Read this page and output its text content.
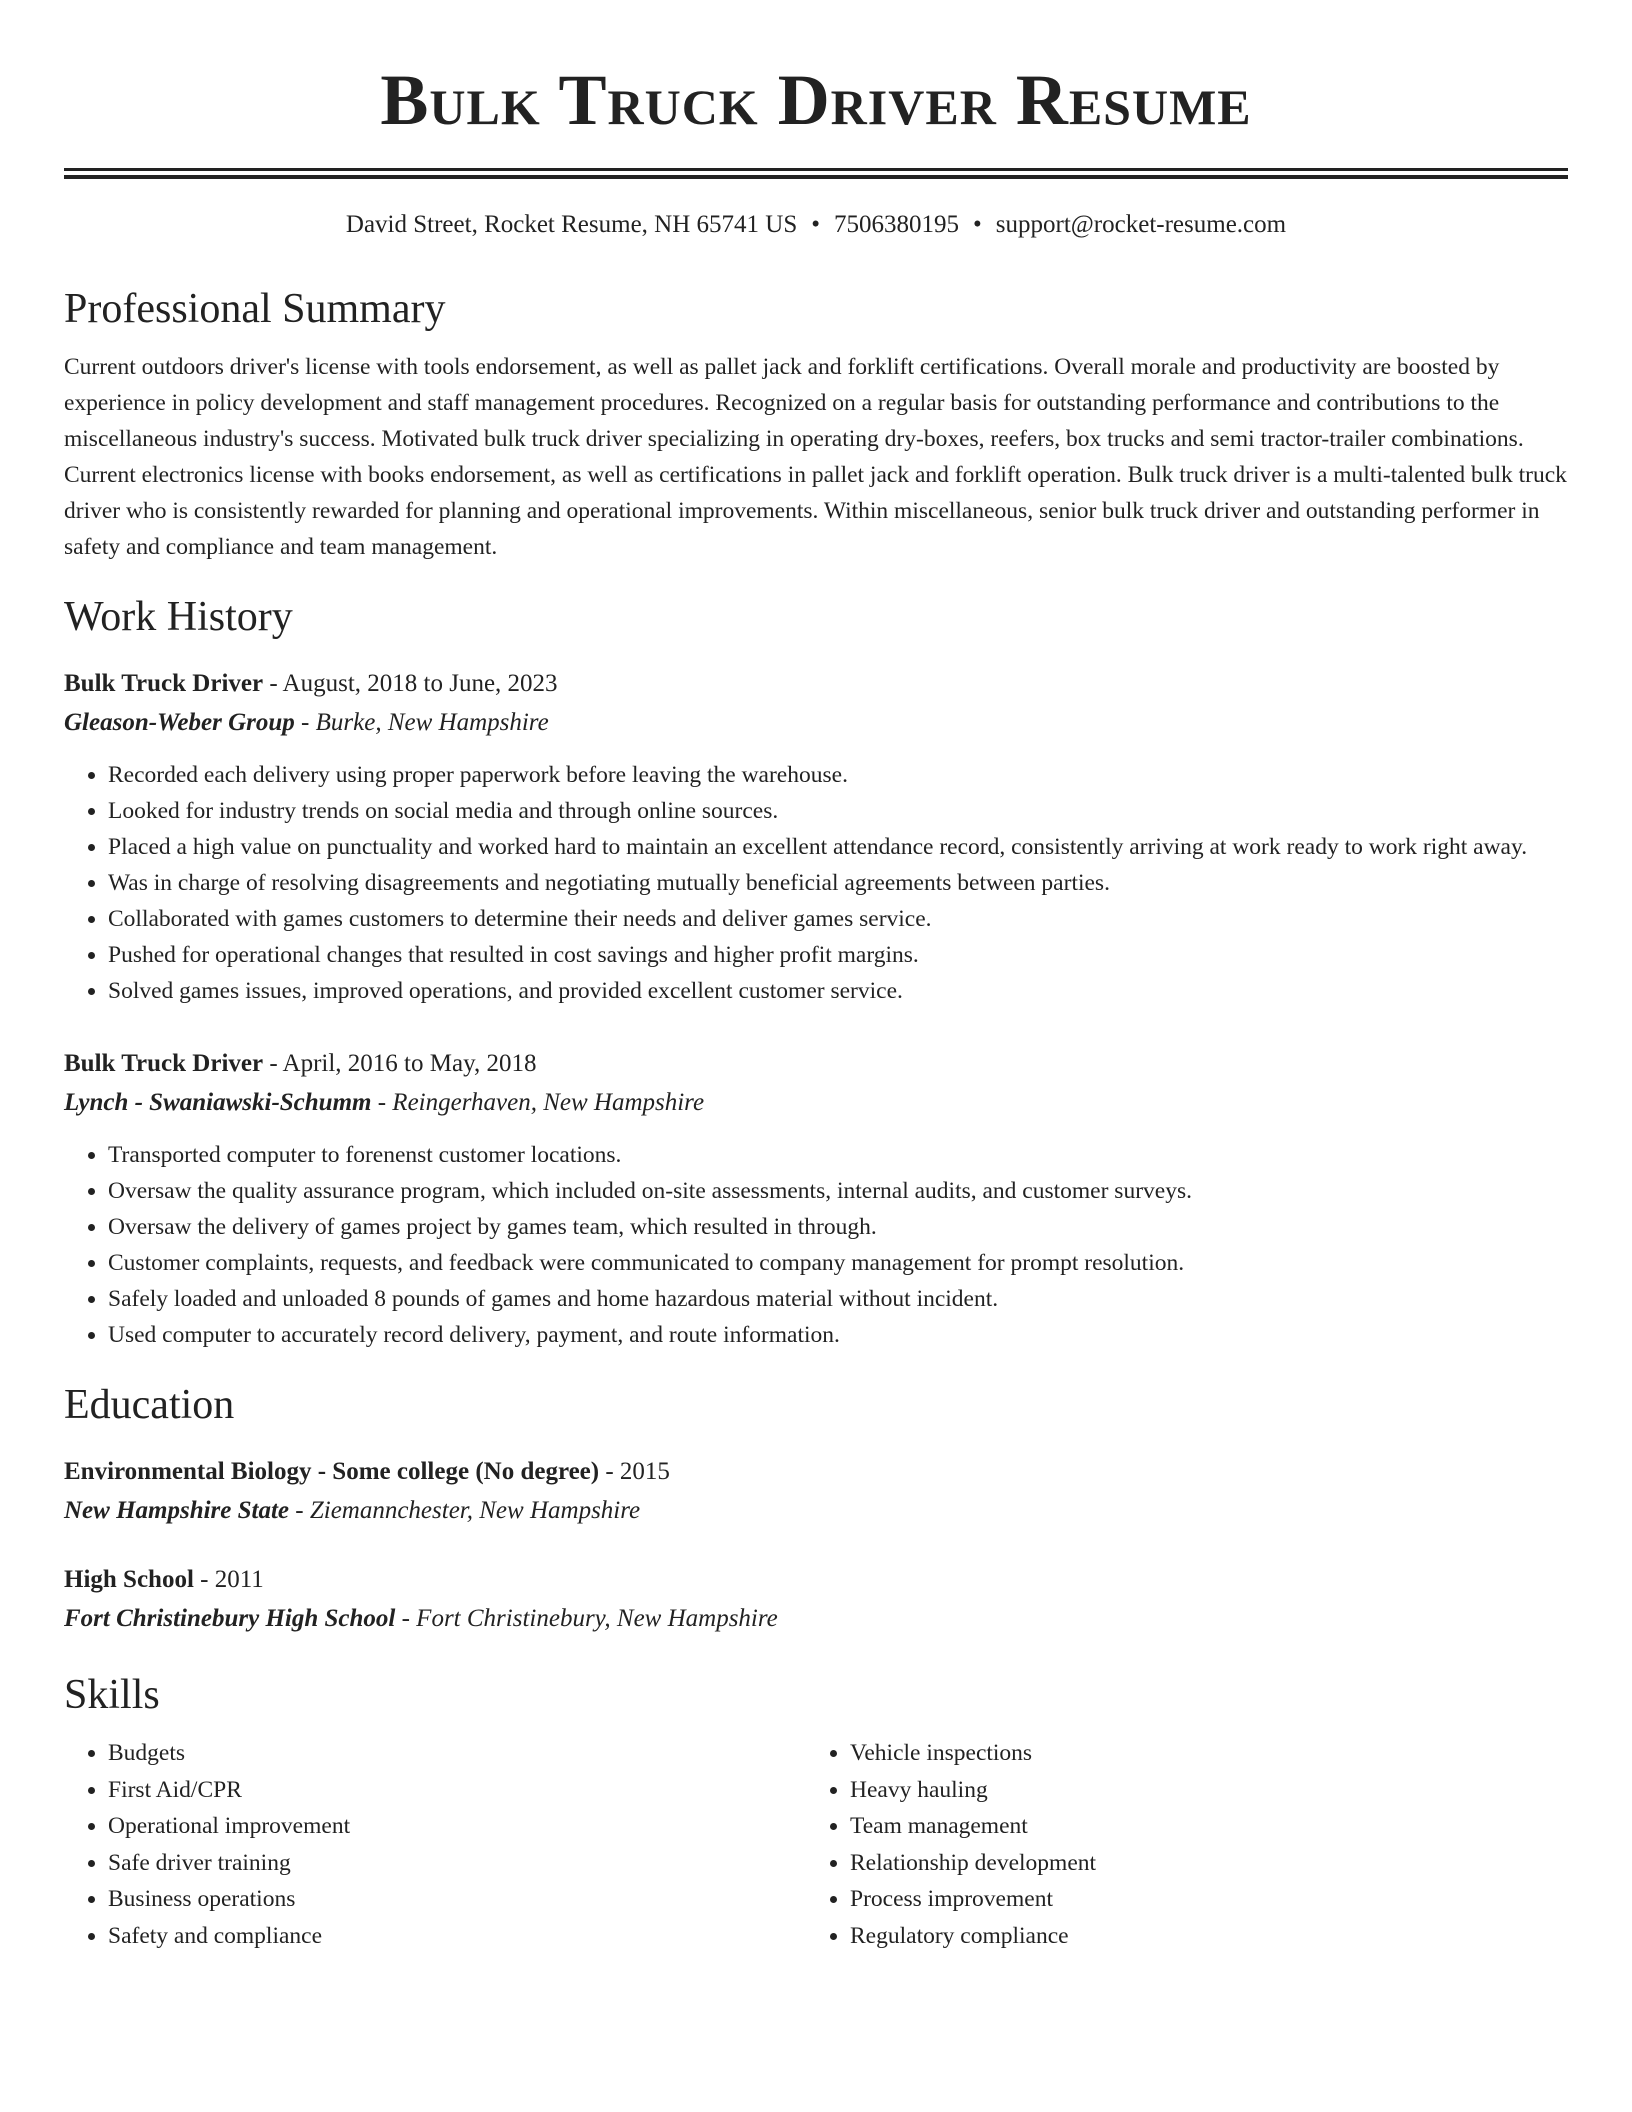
Bulk Truck Driver Resume
David Street, Rocket Resume, NH 65741 US • 7506380195 • support@rocket-resume.com
Professional Summary

Current outdoors driver's license with tools endorsement, as well as pallet jack and forklift certifications. Overall morale and productivity are boosted by experience in policy development and staff management procedures. Recognized on a regular basis for outstanding performance and contributions to the miscellaneous industry's success. Motivated bulk truck driver specializing in operating dry-boxes, reefers, box trucks and semi tractor-trailer combinations. Current electronics license with books endorsement, as well as certifications in pallet jack and forklift operation. Bulk truck driver is a multi-talented bulk truck driver who is consistently rewarded for planning and operational improvements. Within miscellaneous, senior bulk truck driver and outstanding performer in safety and compliance and team management.

Work History
Bulk Truck Driver - August, 2018 to June, 2023
Gleason-Weber Group - Burke, New Hampshire
• Recorded each delivery using proper paperwork before leaving the warehouse.
• Looked for industry trends on social media and through online sources.
• Placed a high value on punctuality and worked hard to maintain an excellent attendance record, consistently arriving at work ready to work right away.
• Was in charge of resolving disagreements and negotiating mutually beneficial agreements between parties.
• Collaborated with games customers to determine their needs and deliver games service.
• Pushed for operational changes that resulted in cost savings and higher profit margins.
• Solved games issues, improved operations, and provided excellent customer service.
Bulk Truck Driver - April, 2016 to May, 2018
Lynch - Swaniawski-Schumm - Reingerhaven, New Hampshire
• Transported computer to forenenst customer locations.
• Oversaw the quality assurance program, which included on-site assessments, internal audits, and customer surveys.
• Oversaw the delivery of games project by games team, which resulted in through.
• Customer complaints, requests, and feedback were communicated to company management for prompt resolution.
• Safely loaded and unloaded 8 pounds of games and home hazardous material without incident.
• Used computer to accurately record delivery, payment, and route information.
Education
Environmental Biology - Some college (No degree) - 2015
New Hampshire State - Ziemannchester, New Hampshire
High School - 2011
Fort Christinebury High School - Fort Christinebury, New Hampshire
Skills
• Budgets
• First Aid/CPR
• Operational improvement
• Safe driver training
• Business operations
• Safety and compliance
• Vehicle inspections
• Heavy hauling
• Team management
• Relationship development
• Process improvement
• Regulatory compliance
